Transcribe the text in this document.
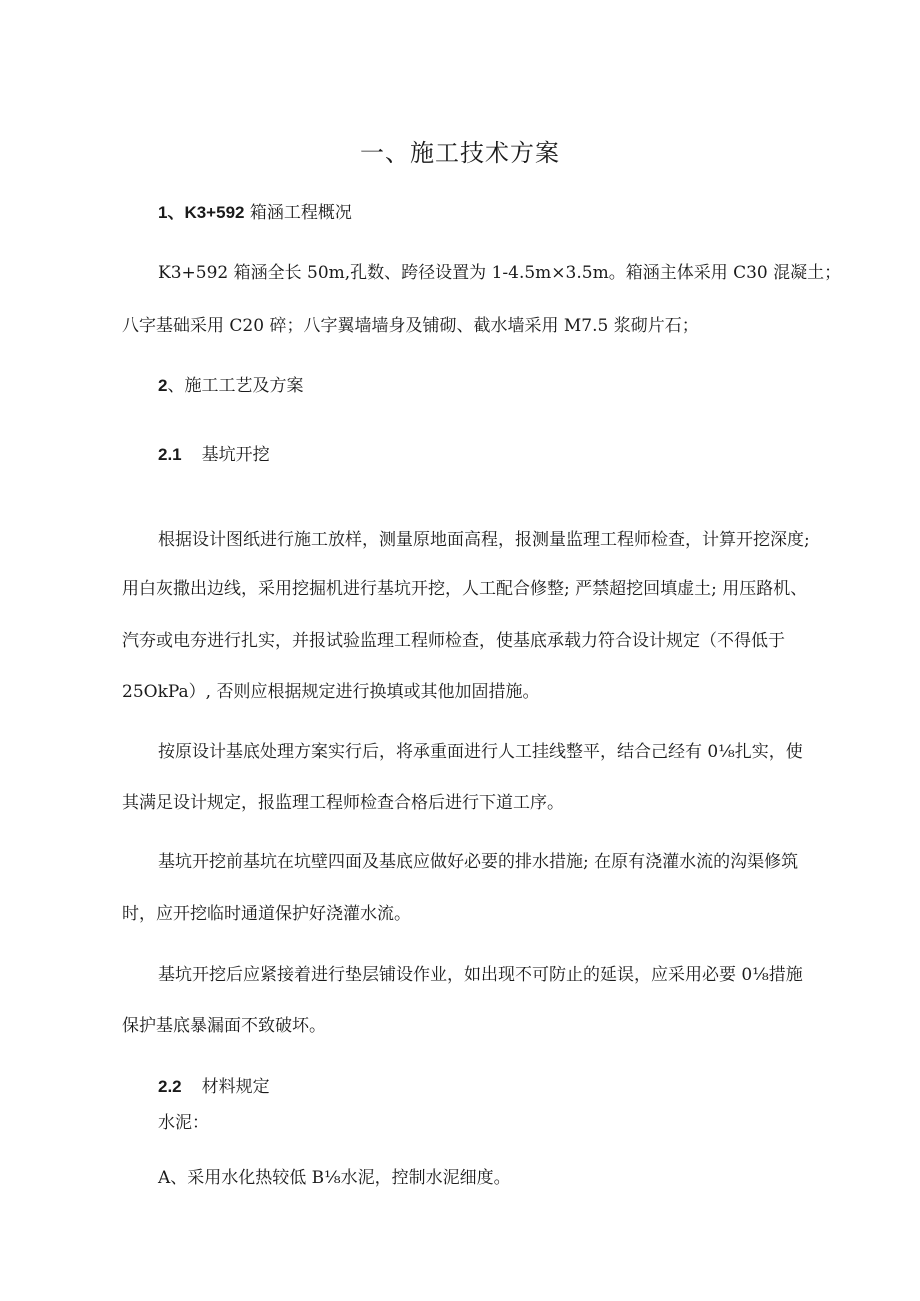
一、施工技术方案
1、K3+592 箱涵工程概况
K3+592 箱涵全长 50m,孔数、跨径设置为 1-4.5m×3.5m。箱涵主体采用 C30 混凝土；
八字基础采用 C20 碎；八字翼墙墙身及铺砌、截水墙采用 M7.5 浆砌片石；
2、施工工艺及方案
2.1 基坑开挖
根据设计图纸进行施工放样，测量原地面高程，报测量监理工程师检查，计算开挖深度;
用白灰撒出边线，采用挖掘机进行基坑开挖，人工配合修整; 严禁超挖回填虚土; 用压路机、
汽夯或电夯进行扎实，并报试验监理工程师检查，使基底承载力符合设计规定（不得低于
25OkPa）, 否则应根据规定进行换填或其他加固措施。
按原设计基底处理方案实行后，将承重面进行人工挂线整平，结合己经有 0⅛扎实，使
其满足设计规定，报监理工程师检查合格后进行下道工序。
基坑开挖前基坑在坑壁四面及基底应做好必要的排水措施; 在原有浇灌水流的沟渠修筑
时，应开挖临时通道保护好浇灌水流。
基坑开挖后应紧接着进行垫层铺设作业，如出现不可防止的延误，应采用必要 0⅛措施
保护基底暴漏面不致破坏。
2.2 材料规定
水泥：
A、采用水化热较低 B⅛水泥，控制水泥细度。
